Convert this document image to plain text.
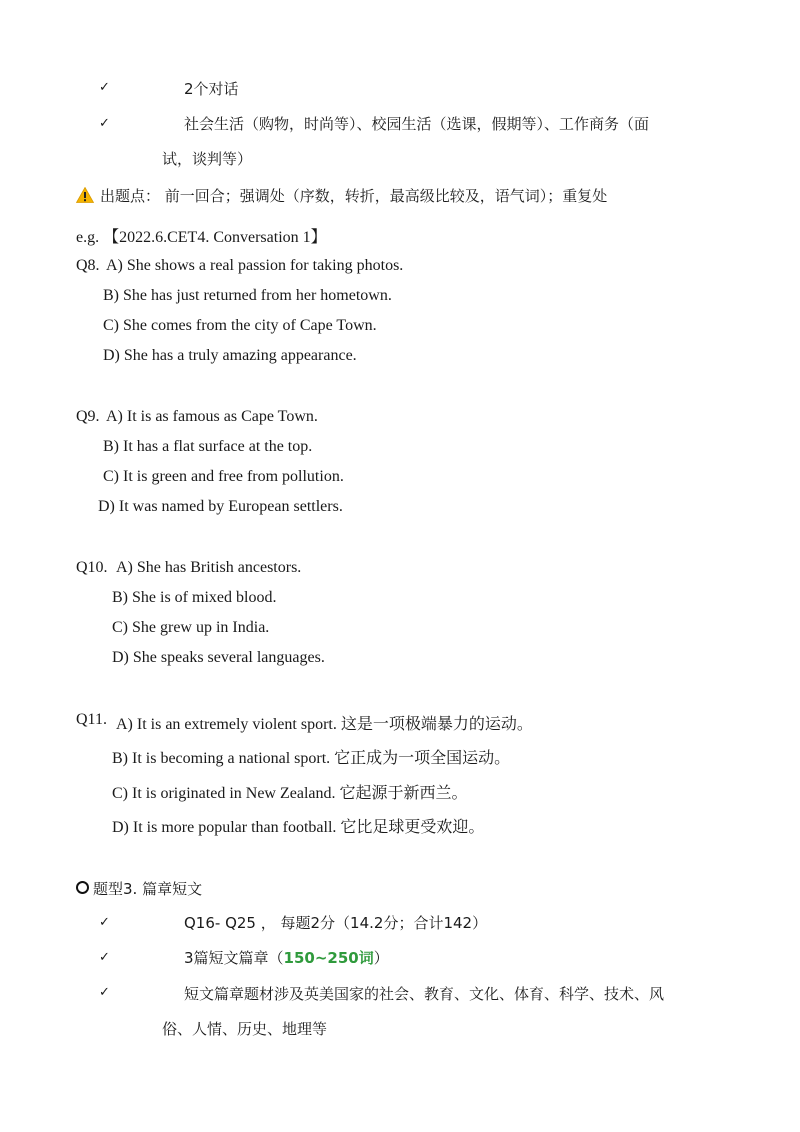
✓	2个对话
✓	社会生活（购物，时尚等）、校园生活（选课，假期等）、工作商务（面
试，谈判等）
出题点： 前一回合；强调处（序数，转折，最高级比较及，语气词）；重复处
e.g. 【2022.6.CET4. Conversation 1】
Q8. A) She shows a real passion for taking photos.
B) She has just returned from her hometown.
C) She comes from the city of Cape Town.
D) She has a truly amazing appearance.
Q9. A) It is as famous as Cape Town.
B) It has a flat surface at the top.
C) It is green and free from pollution.
D) It was named by European settlers.
Q10. A) She has British ancestors.
B) She is of mixed blood.
C) She grew up in India.
D) She speaks several languages.
Q11. A) It is an extremely violent sport. 这是一项极端暴力的运动。
B) It is becoming a national sport. 它正成为一项全国运动。
C) It is originated in New Zealand. 它起源于新西兰。
D) It is more popular than football. 它比足球更受欢迎。
题型3. 篇章短文
✓	Q16- Q25 ， 每题2分（14.2分；合计142）
✓	3篇短文篇章（150~250词）
✓	短文篇章题材涉及英美国家的社会、教育、文化、体育、科学、技术、风
俗、人情、历史、地理等
